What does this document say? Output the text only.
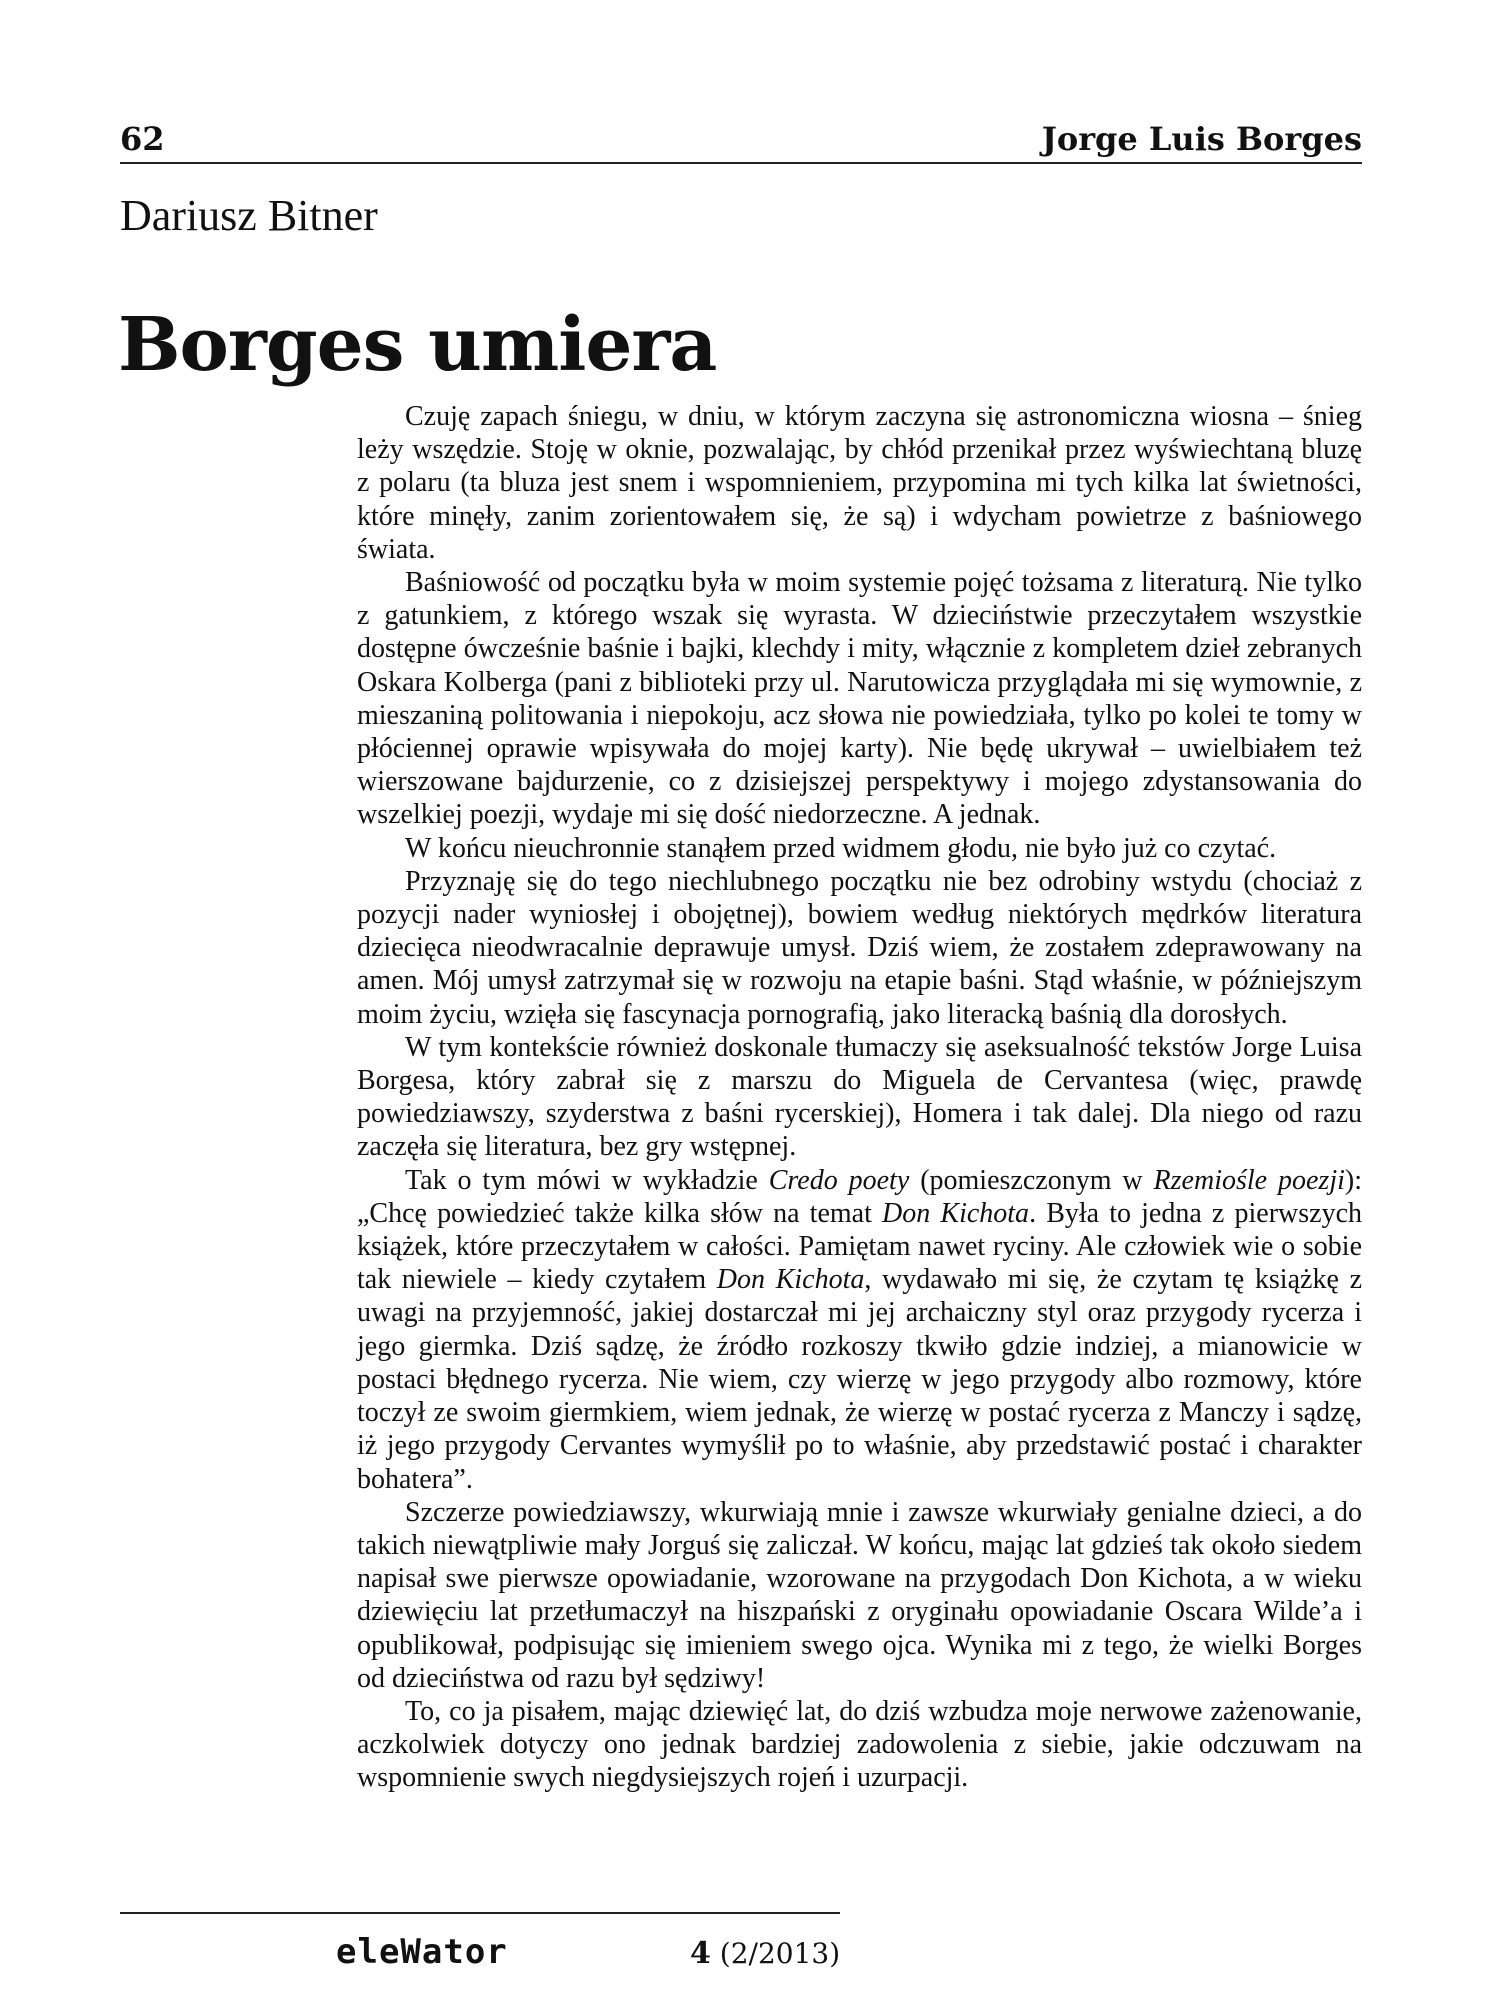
62	Jorge Luis Borges
Dariusz Bitner
Borges umiera

Czuję zapach śniegu, w dniu, w którym zaczyna się astronomiczna wiosna – śnieg leży wszędzie. Stoję w oknie, pozwalając, by chłód przenikał przez wyświechtaną bluzę z polaru (ta bluza jest snem i wspomnieniem, przypomina mi tych kilka lat świetności, które minęły, zanim zorientowałem się, że są) i wdycham powietrze z baśniowego świata.

Baśniowość od początku była w moim systemie pojęć tożsama z literaturą. Nie tylko z gatunkiem, z którego wszak się wyrasta. W dzieciństwie przeczytałem wszystkie dostępne ówcześnie baśnie i bajki, klechdy i mity, włącznie z kompletem dzieł zebranych Oskara Kolberga (pani z biblioteki przy ul. Narutowicza przyglądała mi się wymownie, z mieszaniną politowania i niepokoju, acz słowa nie powiedziała, tylko po kolei te tomy w płóciennej oprawie wpisywała do mojej karty). Nie będę ukrywał – uwielbiałem też wierszowane bajdurzenie, co z dzisiejszej perspektywy i mojego zdystansowania do wszelkiej poezji, wydaje mi się dość niedorzeczne. A jednak.

W końcu nieuchronnie stanąłem przed widmem głodu, nie było już co czytać.

Przyznaję się do tego niechlubnego początku nie bez odrobiny wstydu (chociaż z pozycji nader wyniosłej i obojętnej), bowiem według niektórych mędrków literatura dziecięca nieodwracalnie deprawuje umysł. Dziś wiem, że zostałem zdeprawowany na amen. Mój umysł zatrzymał się w rozwoju na etapie baśni. Stąd właśnie, w późniejszym moim życiu, wzięła się fascynacja pornografią, jako literacką baśnią dla dorosłych.

W tym kontekście również doskonale tłumaczy się aseksualność tekstów Jorge Luisa Borgesa, który zabrał się z marszu do Miguela de Cervantesa (więc, prawdę powiedziawszy, szyderstwa z baśni rycerskiej), Homera i tak dalej. Dla niego od razu zaczęła się literatura, bez gry wstępnej.

Tak o tym mówi w wykładzie Credo poety (pomieszczonym w Rzemiośle poezji): „Chcę powiedzieć także kilka słów na temat Don Kichota. Była to jedna z pierwszych książek, które przeczytałem w całości. Pamiętam nawet ryciny. Ale człowiek wie o sobie tak niewiele – kiedy czytałem Don Kichota, wydawało mi się, że czytam tę książkę z uwagi na przyjemność, jakiej dostarczał mi jej archaiczny styl oraz przygody rycerza i jego giermka. Dziś sądzę, że źródło rozkoszy tkwiło gdzie indziej, a mianowicie w postaci błędnego rycerza. Nie wiem, czy wierzę w jego przygody albo rozmowy, które toczył ze swoim giermkiem, wiem jednak, że wierzę w postać rycerza z Manczy i sądzę, iż jego przygody Cervantes wymyślił po to właśnie, aby przedstawić postać i charakter bohatera”.

Szczerze powiedziawszy, wkurwiają mnie i zawsze wkurwiały genialne dzieci, a do takich niewątpliwie mały Jorguś się zaliczał. W końcu, mając lat gdzieś tak około siedem napisał swe pierwsze opowiadanie, wzorowane na przygodach Don Kichota, a w wieku dziewięciu lat przetłumaczył na hiszpański z oryginału opowiadanie Oscara Wilde’a i opublikował, podpisując się imieniem swego ojca. Wynika mi z tego, że wielki Borges od dzieciństwa od razu był sędziwy!

To, co ja pisałem, mając dziewięć lat, do dziś wzbudza moje nerwowe zażenowanie, aczkolwiek dotyczy ono jednak bardziej zadowolenia z siebie, jakie odczuwam na wspomnienie swych niegdysiejszych rojeń i uzurpacji.

eleWator	4 (2/2013)
